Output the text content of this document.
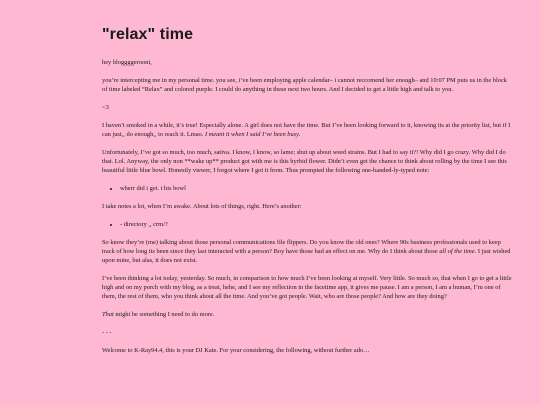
"relax" time

hey bloggggerooni,

you’re intercepting me in my personal time. you see, i’ve been employing apple calendar– i cannot reccomend her enough– and 10:07 PM puts us in the block of time labeled “Relax” and colored purple. I could do anything in these next two hours. And I decided to get a little high and talk to you.

<3

I haven’t smoked in a while, it’s true! Especially alone. A girl does not have the time. But I’ve been looking forward to it, knowing its at the priority list, but if I can just,, do enough,, to reach it. Lmao. I meant it when I said I’ve been busy.

Unfortunately, I’ve got so much, too much, sativa. I know, I know, so lame; shut up about weed strains. But I had to say it?! Why did I go crazy. Why did I do that. Lol. Anyway, the only non **wake up** product got with me is this hyrbid flower. Didn’t even get the chance to think about rolling by the time I see this beautiful little blue bowl. Honestly viewer, I forgot where I got it from. Thus prompted the following one-handed-ly-typed note:

• wherr did i get. t his bowl

I take notes a lot, when I’m awake. About lots of things, right. Here’s another:

• - directory ,, crm/?

So know they’re (me) talking about those personal communications file flippers. Do you know the old ones? Where 90s business professionals used to keep track of how long its been since they last interacted with a person? Boy have those had an effect on me. Why do I think about those all of the time. I just wished upon mine, but alas, it does not exist.

I’ve been thinking a lot today, yesterday. So much, in comparison to how much I’ve been looking at myself. Very little. So much so, that when I go to get a little high and on my porch with my blog, as a treat, hehe, and I see my reflection in the facetime app, it gives me pause. I am a person, I am a human, I’m one of them, the rest of them, who you think about all the time. And you’ve got people. Wait, who are those people? And how are they doing?

That might be something I need to do more.

- - -

Welcome to K-Ray94.4, this is your DJ Kate. For your considering, the following, without further ado…
